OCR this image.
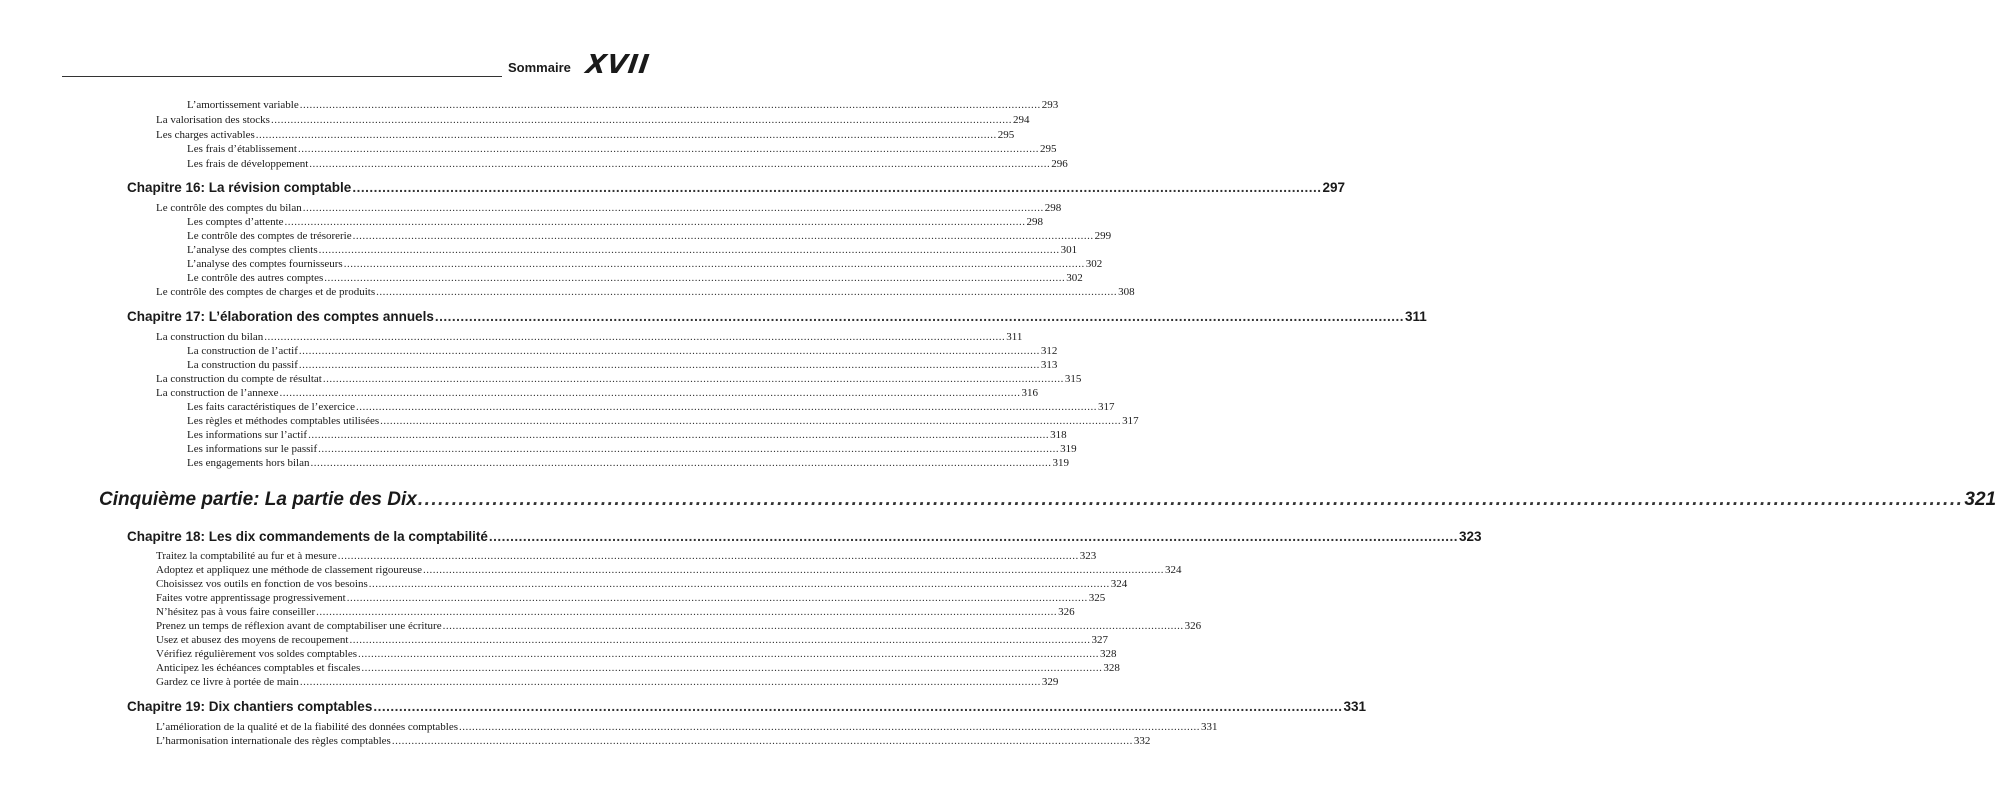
Sommaire XVII
L’amortissement variable .....	293
La valorisation des stocks .....	294
Les charges activables .....	295
Les frais d’établissement .....	295
Les frais de développement .....	296
Chapitre 16: La révision comptable .....	297
Le contrôle des comptes du bilan .....	298
Les comptes d’attente .....	298
Le contrôle des comptes de trésorerie .....	299
L’analyse des comptes clients .....	301
L’analyse des comptes fournisseurs .....	302
Le contrôle des autres comptes .....	302
Le contrôle des comptes de charges et de produits .....	308
Chapitre 17: L’élaboration des comptes annuels .....	311
La construction du bilan .....	311
La construction de l’actif .....	312
La construction du passif .....	313
La construction du compte de résultat .....	315
La construction de l’annexe .....	316
Les faits caractéristiques de l’exercice .....	317
Les règles et méthodes comptables utilisées .....	317
Les informations sur l’actif .....	318
Les informations sur le passif .....	319
Les engagements hors bilan .....	319
Cinquième partie: La partie des Dix .....	321
Chapitre 18: Les dix commandements de la comptabilité .....	323
Traitez la comptabilité au fur et à mesure .....	323
Adoptez et appliquez une méthode de classement rigoureuse .....	324
Choisissez vos outils en fonction de vos besoins .....	324
Faites votre apprentissage progressivement .....	325
N’hésitez pas à vous faire conseiller .....	326
Prenez un temps de réflexion avant de comptabiliser une écriture .....	326
Usez et abusez des moyens de recoupement .....	327
Vérifiez régulièrement vos soldes comptables .....	328
Anticipez les échéances comptables et fiscales .....	328
Gardez ce livre à portée de main .....	329
Chapitre 19: Dix chantiers comptables .....	331
L’amélioration de la qualité et de la fiabilité des données comptables .....	331
L’harmonisation internationale des règles comptables .....	332
